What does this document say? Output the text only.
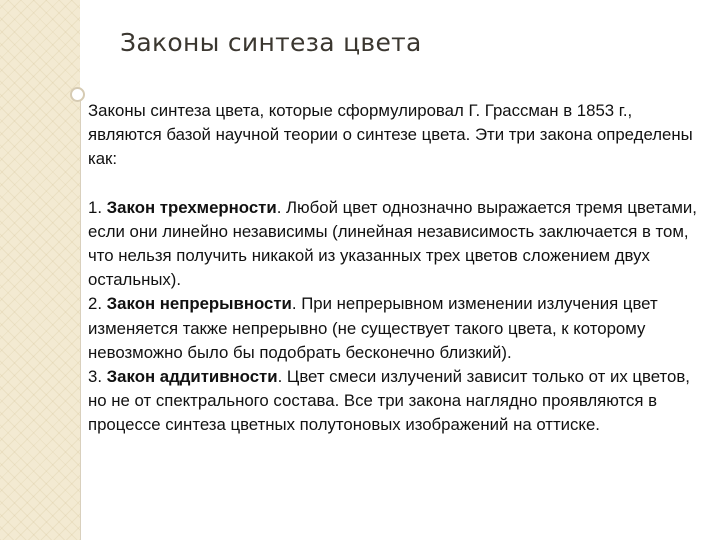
Законы синтеза цвета

Законы синтеза цвета, которые сформулировал Г. Грассман в 1853 г., являются базой научной теории о синтезе цвета. Эти три закона определены как:

1. Закон трехмерности. Любой цвет однозначно выражается тремя цветами, если они линейно независимы (линейная независимость заключается в том, что нельзя получить никакой из указанных трех цветов сложением двух остальных).

2. Закон непрерывности. При непрерывном изменении излучения цвет изменяется также непрерывно (не существует такого цвета, к которому невозможно было бы подобрать бесконечно близкий).

3. Закон аддитивности. Цвет смеси излучений зависит только от их цветов, но не от спектрального состава. Все три закона наглядно проявляются в процессе синтеза цветных полутоновых изображений на оттиске.
